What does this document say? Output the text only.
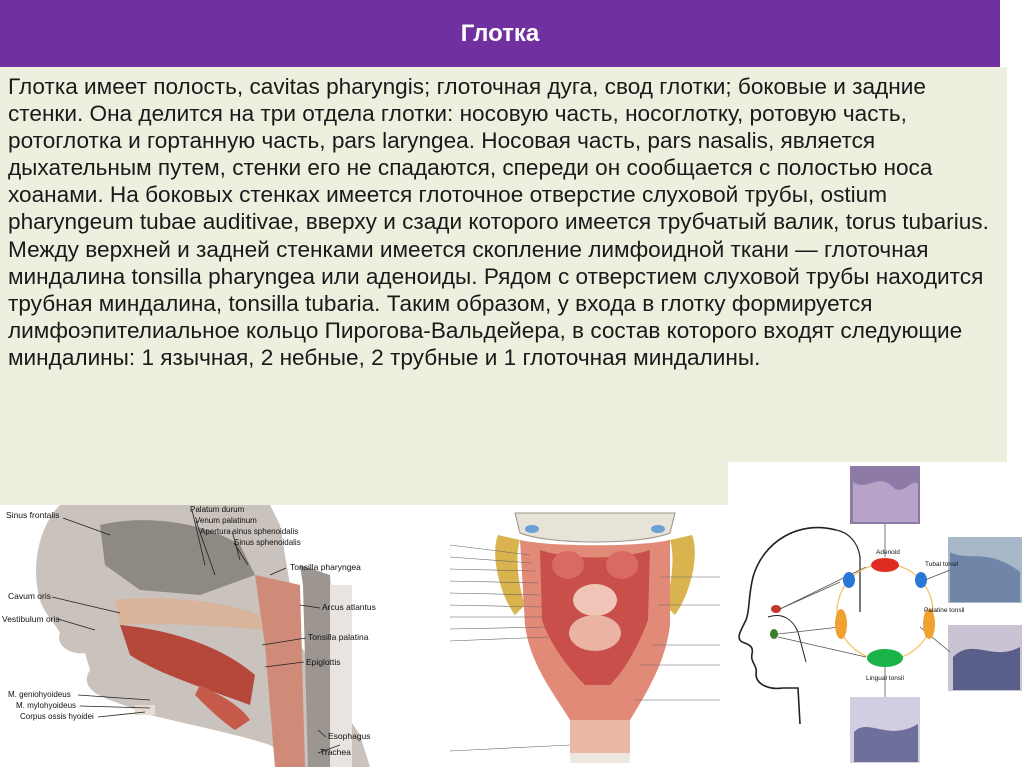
Глотка

Глотка имеет полость, cavitas pharyngis; глоточная дуга, свод глотки; боковые и задние стенки. Она делится на три отдела глотки: носовую часть, носоглотку, ротовую часть, ротоглотка и гортанную часть, pars laryngea. Носовая часть, pars nasalis, является дыхательным путем, стенки его не спадаются, спереди он сообщается с полостью носа хоанами. На боковых стенках имеется глоточное отверстие слуховой трубы, ostium pharyngeum tubae auditivae, вверху и сзади которого имеется трубчатый валик, torus tubarius. Между верхней и задней стенками имеется скопление лимфоидной ткани — глоточная миндалина tonsilla pharyngea или аденоиды. Рядом с отверстием слуховой трубы находится трубная миндалина, tonsilla tubaria. Таким образом, у входа в глотку формируется лимфоэпителиальное кольцо Пирогова-Вальдейера, в состав которого входят следующие миндалины: 1 язычная, 2 небные, 2 трубные и 1 глоточная миндалины.

Sinus frontalis
Palatum durum
Venum palatinum
Apertura sinus sphenoidalis
Sinus sphenoidalis
Tonsilla pharyngea
Cavum oris
Arcus atlantus
Vestibulum oris
Tonsilla palatina
Epiglottis
M. geniohyoideus
M. mylohyoideus
Corpus ossis hyoidei
Esophagus
Trachea
Adenoid
Tubal tonsil
Palatine tonsil
Lingual tonsil
